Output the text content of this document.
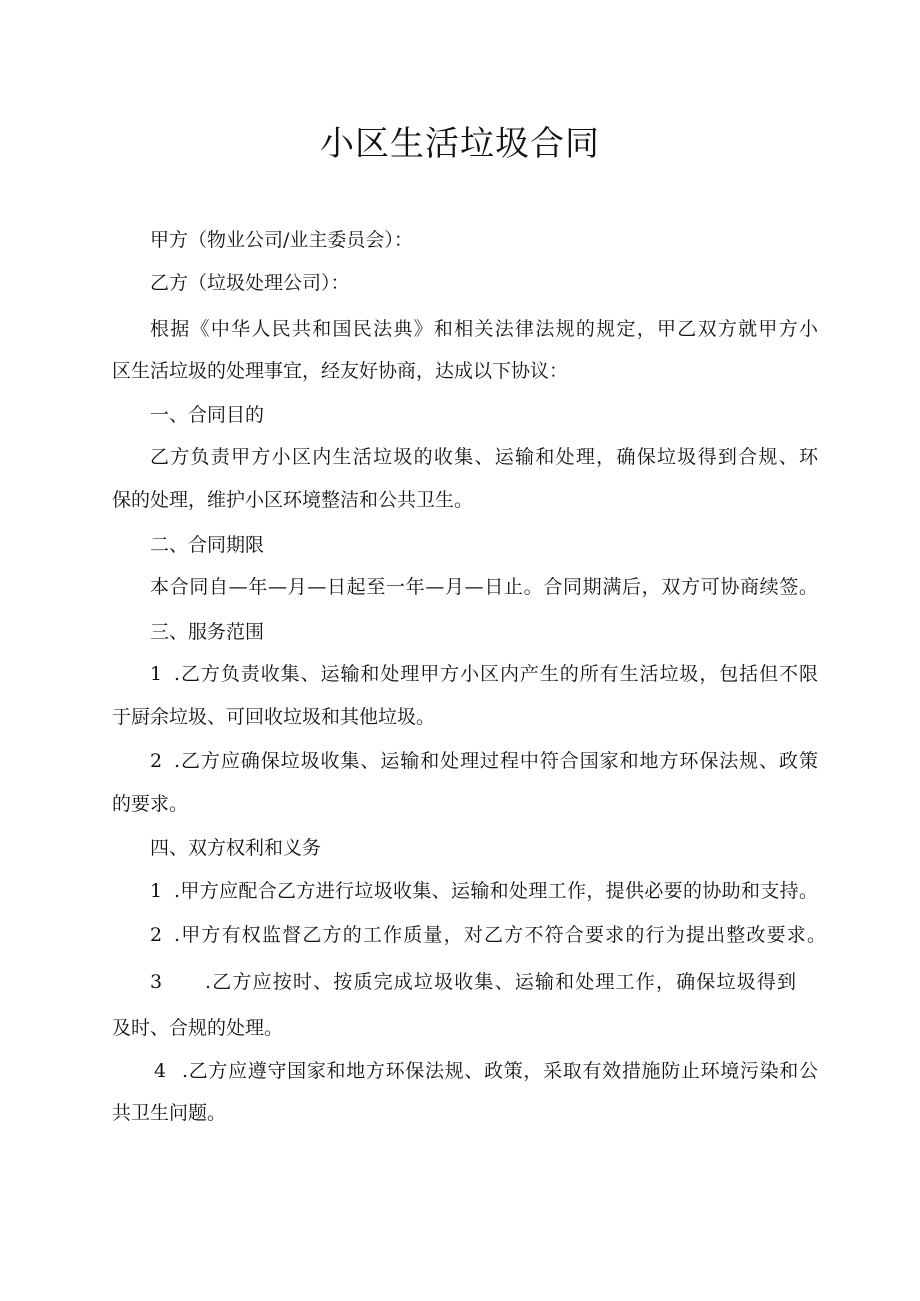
小区生活垃圾合同

甲方（物业公司/业主委员会）：

乙方（垃圾处理公司）：

根据《中华人民共和国民法典》和相关法律法规的规定，甲乙双方就甲方小

区生活垃圾的处理事宜，经友好协商，达成以下协议：

一、合同目的

乙方负责甲方小区内生活垃圾的收集、运输和处理，确保垃圾得到合规、环

保的处理，维护小区环境整洁和公共卫生。

二、合同期限

本合同自—年—月—日起至一年—月—日止。合同期满后，双方可协商续签。

三、服务范围

1 .乙方负责收集、运输和处理甲方小区内产生的所有生活垃圾，包括但不限

于厨余垃圾、可回收垃圾和其他垃圾。

2 .乙方应确保垃圾收集、运输和处理过程中符合国家和地方环保法规、政策

的要求。

四、双方权利和义务

1 .甲方应配合乙方进行垃圾收集、运输和处理工作，提供必要的协助和支持。

2 .甲方有权监督乙方的工作质量，对乙方不符合要求的行为提出整改要求。

3	.乙方应按时、按质完成垃圾收集、运输和处理工作，确保垃圾得到

及时、合规的处理。

4 .乙方应遵守国家和地方环保法规、政策，采取有效措施防止环境污染和公

共卫生问题。
